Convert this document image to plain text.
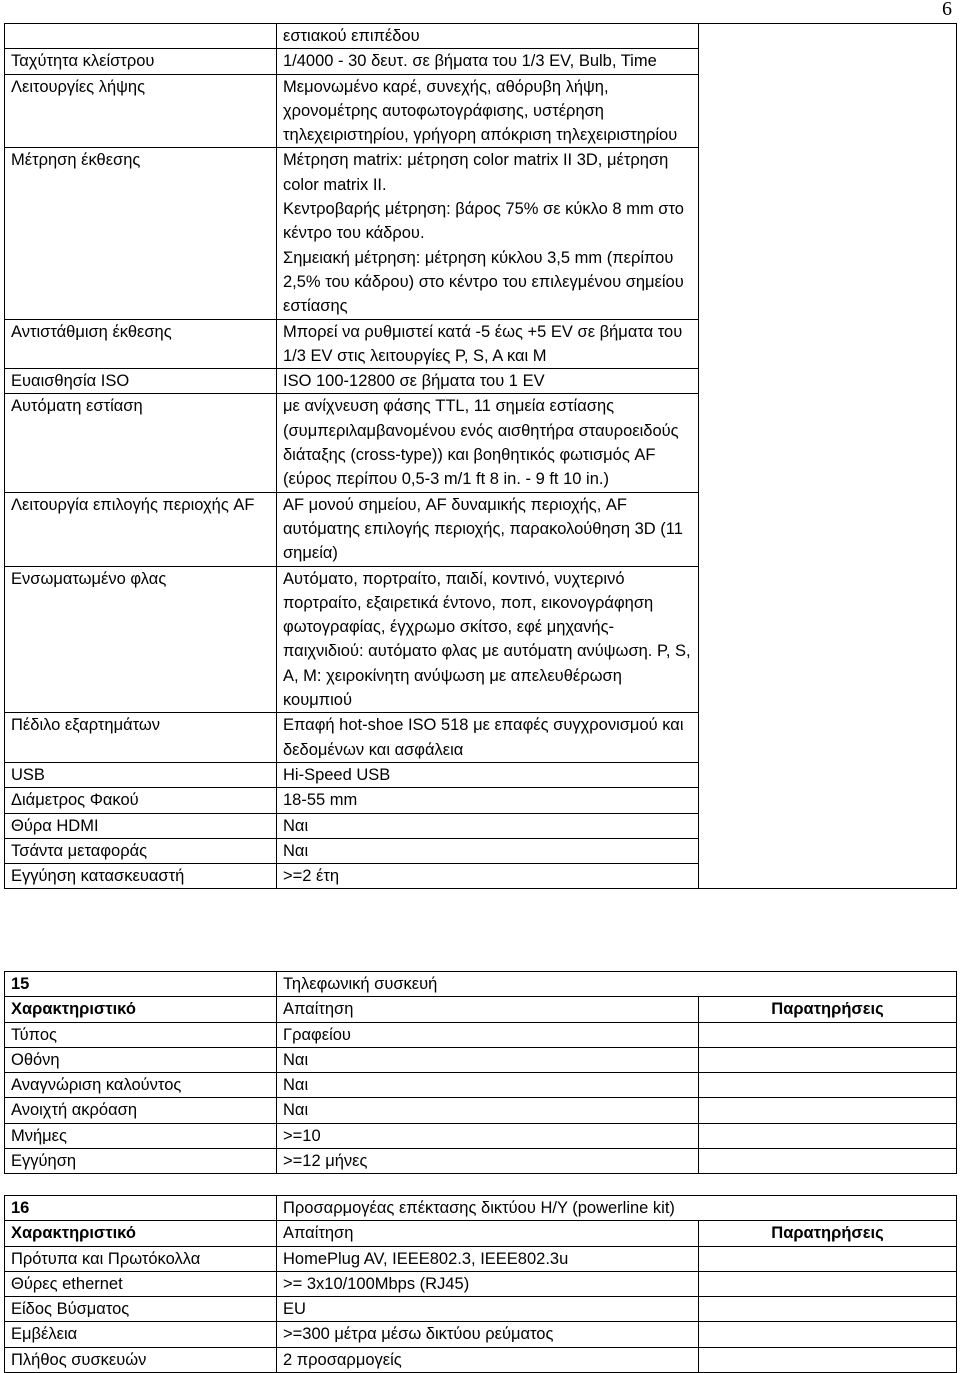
6
	εστιακού επιπέδου	
Ταχύτητα κλείστρου	1/4000 - 30 δευτ. σε βήματα του 1/3 EV, Bulb, Time	
Λειτουργίες λήψης	Μεμονωμένο καρέ, συνεχής, αθόρυβη λήψη, χρονομέτρης αυτοφωτογράφισης, υστέρηση τηλεχειριστηρίου, γρήγορη απόκριση τηλεχειριστηρίου	
Μέτρηση έκθεσης	Μέτρηση matrix: μέτρηση color matrix II 3D, μέτρηση color matrix II.
Κεντροβαρής μέτρηση: βάρος 75% σε κύκλο 8 mm στο κέντρο του κάδρου.
Σημειακή μέτρηση: μέτρηση κύκλου 3,5 mm (περίπου 2,5% του κάδρου) στο κέντρο του επιλεγμένου σημείου εστίασης	
Αντιστάθμιση έκθεσης	Μπορεί να ρυθμιστεί κατά -5 έως +5 EV σε βήματα του 1/3 EV στις λειτουργίες P, S, A και M	
Ευαισθησία ISO	ISO 100-12800 σε βήματα του 1 EV	
Αυτόματη εστίαση	με ανίχνευση φάσης TTL, 11 σημεία εστίασης (συμπεριλαμβανομένου ενός αισθητήρα σταυροειδούς διάταξης (cross-type)) και βοηθητικός φωτισμός AF (εύρος περίπου 0,5-3 m/1 ft 8 in. - 9 ft 10 in.)	
Λειτουργία επιλογής περιοχής AF	AF μονού σημείου, AF δυναμικής περιοχής, AF αυτόματης επιλογής περιοχής, παρακολούθηση 3D (11 σημεία)	
Ενσωματωμένο φλας	Αυτόματο, πορτραίτο, παιδί, κοντινό, νυχτερινό πορτραίτο, εξαιρετικά έντονο, ποπ, εικονογράφηση φωτογραφίας, έγχρωμο σκίτσο, εφέ μηχανής-παιχνιδιού: αυτόματο φλας με αυτόματη ανύψωση. P, S, A, M: χειροκίνητη ανύψωση με απελευθέρωση κουμπιού	
Πέδιλο εξαρτημάτων	Επαφή hot-shoe ISO 518 με επαφές συγχρονισμού και δεδομένων και ασφάλεια	
USB	Hi-Speed USB	
Διάμετρος Φακού	18-55 mm	
Θύρα HDMI	Ναι	
Τσάντα μεταφοράς	Ναι	
Εγγύηση κατασκευαστή	>=2 έτη	
15	Τηλεφωνική συσκευή	
Χαρακτηριστικό	Απαίτηση	Παρατηρήσεις
Τύπος	Γραφείου	
Οθόνη	Ναι	
Αναγνώριση καλούντος	Ναι	
Ανοιχτή ακρόαση	Ναι	
Μνήμες	>=10	
Εγγύηση	>=12 μήνες	
16	Προσαρμογέας επέκτασης δικτύου Η/Υ (powerline kit)	
Χαρακτηριστικό	Απαίτηση	Παρατηρήσεις
Πρότυπα και Πρωτόκολλα	HomePlug AV, IEEE802.3, IEEE802.3u	
Θύρες ethernet	>= 3x10/100Mbps (RJ45)	
Είδος Βύσματος	EU	
Εμβέλεια	>=300 μέτρα μέσω δικτύου ρεύματος	
Πλήθος συσκευών	2 προσαρμογείς	
